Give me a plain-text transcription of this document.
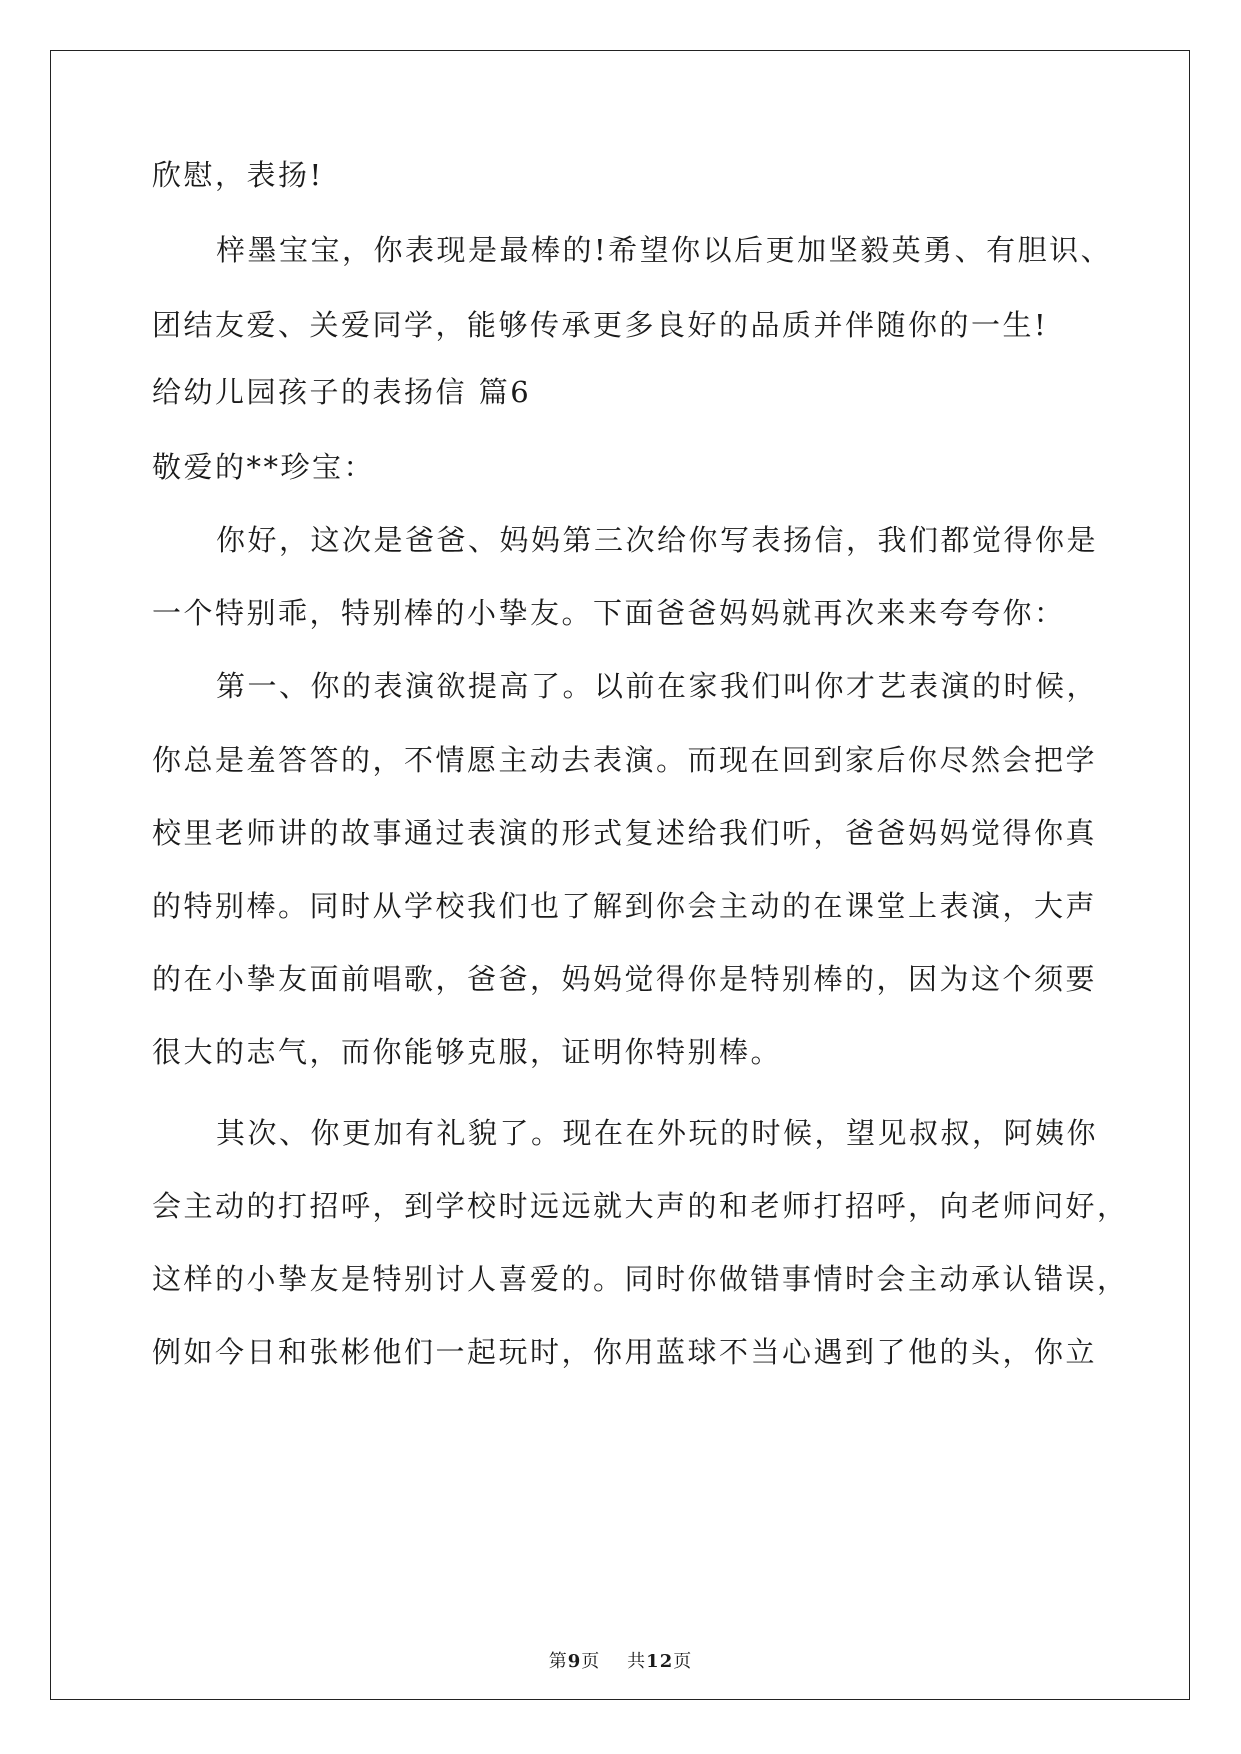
欣慰，表扬!
梓墨宝宝，你表现是最棒的!希望你以后更加坚毅英勇、有胆识、
团结友爱、关爱同学，能够传承更多良好的品质并伴随你的一生!
给幼儿园孩子的表扬信 篇6
敬爱的**珍宝：
你好，这次是爸爸、妈妈第三次给你写表扬信，我们都觉得你是
一个特别乖，特别棒的小挚友。下面爸爸妈妈就再次来来夸夸你：
第一、你的表演欲提高了。以前在家我们叫你才艺表演的时候，
你总是羞答答的，不情愿主动去表演。而现在回到家后你尽然会把学
校里老师讲的故事通过表演的形式复述给我们听，爸爸妈妈觉得你真
的特别棒。同时从学校我们也了解到你会主动的在课堂上表演，大声
的在小挚友面前唱歌，爸爸，妈妈觉得你是特别棒的，因为这个须要
很大的志气，而你能够克服，证明你特别棒。
其次、你更加有礼貌了。现在在外玩的时候，望见叔叔，阿姨你
会主动的打招呼，到学校时远远就大声的和老师打招呼，向老师问好，
这样的小挚友是特别讨人喜爱的。同时你做错事情时会主动承认错误，
例如今日和张彬他们一起玩时，你用蓝球不当心遇到了他的头，你立
第9页 共12页
